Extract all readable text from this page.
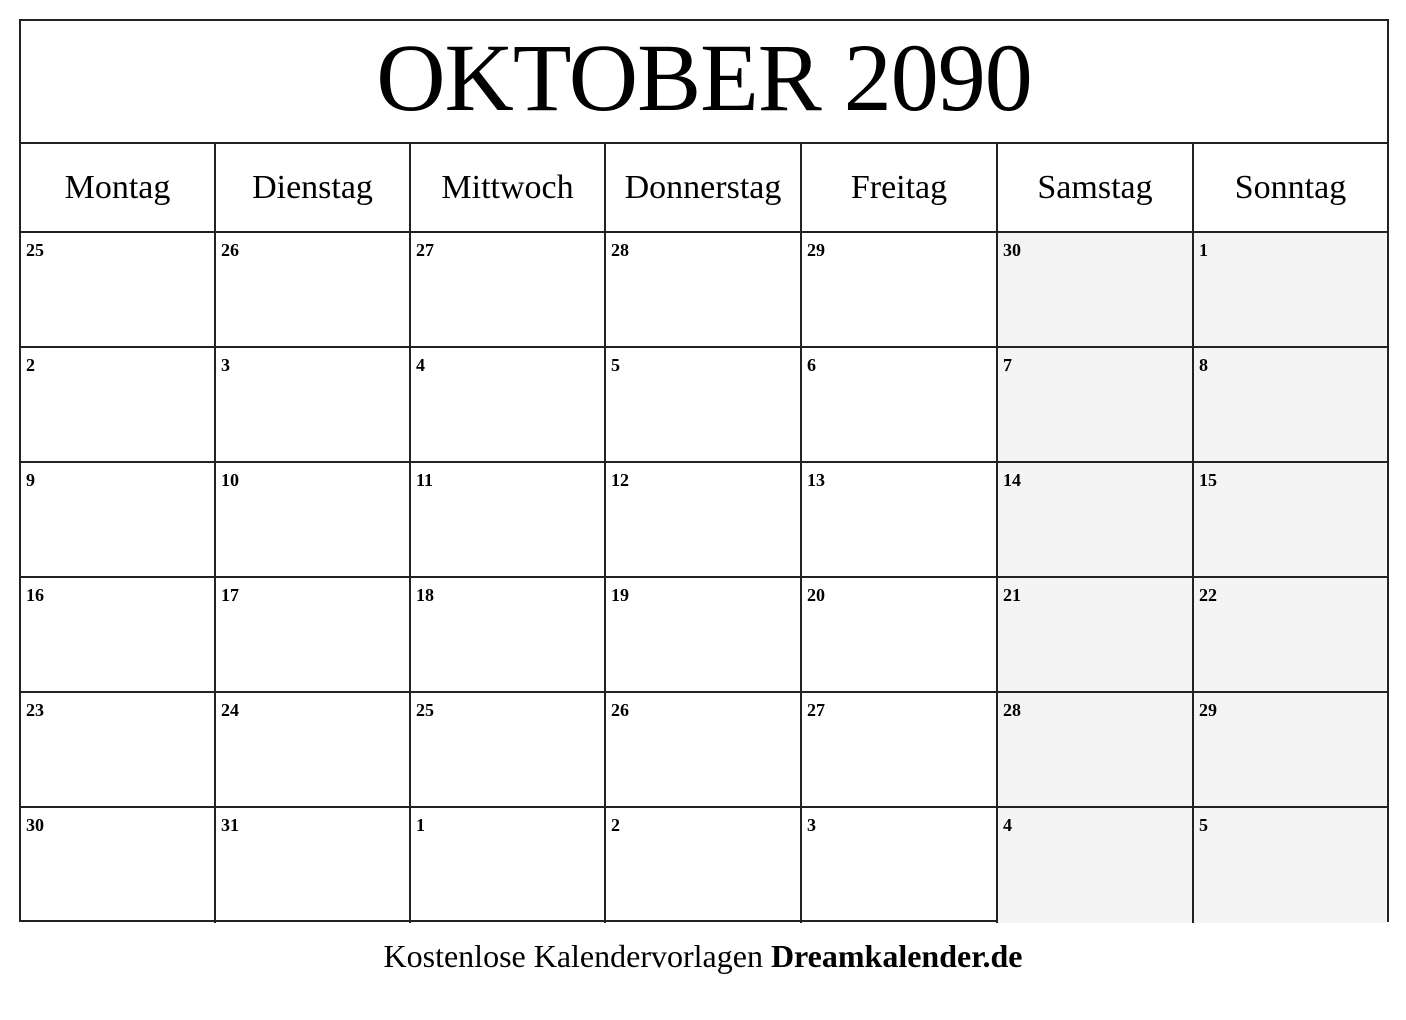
OKTOBER 2090
Montag	Dienstag	Mittwoch	Donnerstag	Freitag	Samstag	Sonntag
25	26	27	28	29	30	1
2	3	4	5	6	7	8
9	10	11	12	13	14	15
16	17	18	19	20	21	22
23	24	25	26	27	28	29
30	31	1	2	3	4	5
Kostenlose Kalendervorlagen Dreamkalender.de
